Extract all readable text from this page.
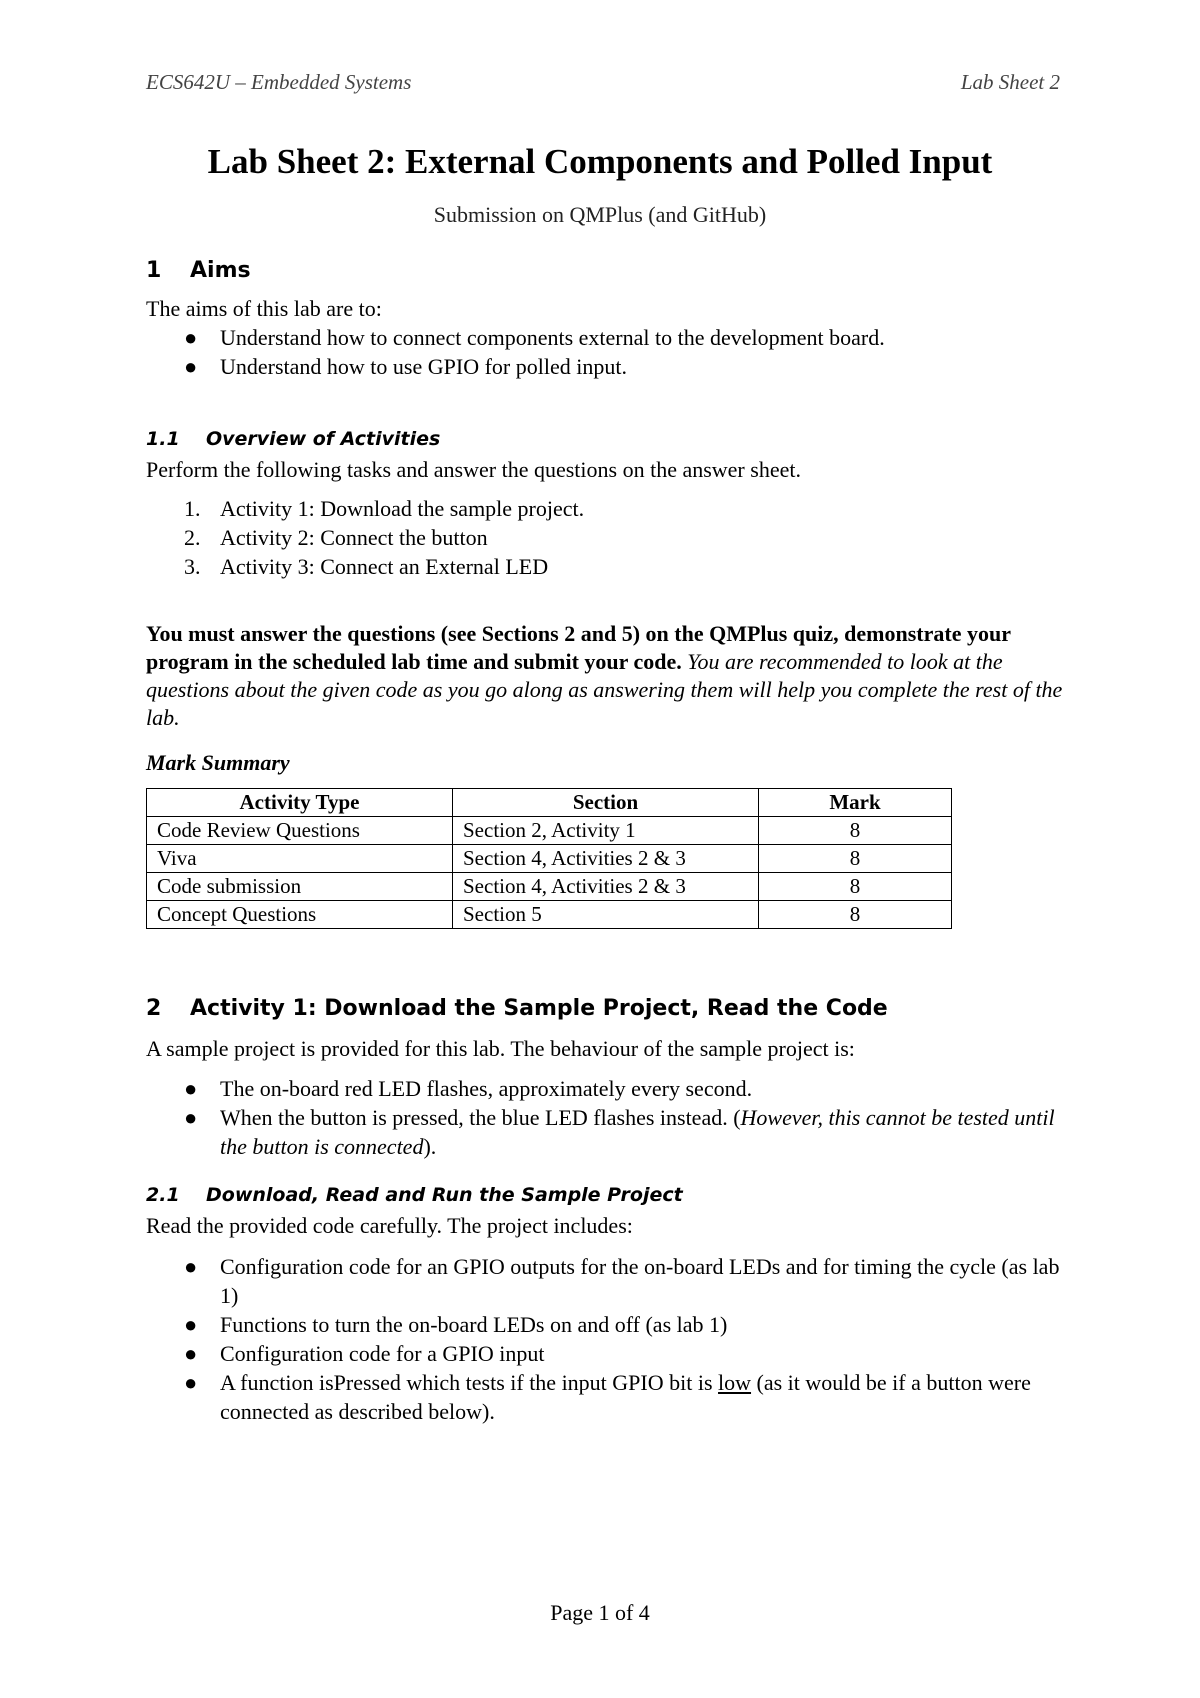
ECS642U – Embedded Systems	Lab Sheet 2
Lab Sheet 2: External Components and Polled Input
Submission on QMPlus (and GitHub)
1 Aims
The aims of this lab are to:
● Understand how to connect components external to the development board.
● Understand how to use GPIO for polled input.
1.1 Overview of Activities
Perform the following tasks and answer the questions on the answer sheet.
1. Activity 1: Download the sample project.
2. Activity 2: Connect the button
3. Activity 3: Connect an External LED
You must answer the questions (see Sections 2 and 5) on the QMPlus quiz, demonstrate your program in the scheduled lab time and submit your code. You are recommended to look at the questions about the given code as you go along as answering them will help you complete the rest of the lab.
Mark Summary
Activity Type	Section	Mark
Code Review Questions	Section 2, Activity 1	8
Viva	Section 4, Activities 2 & 3	8
Code submission	Section 4, Activities 2 & 3	8
Concept Questions	Section 5	8
2 Activity 1: Download the Sample Project, Read the Code
A sample project is provided for this lab. The behaviour of the sample project is:
● The on-board red LED flashes, approximately every second.
● When the button is pressed, the blue LED flashes instead. (However, this cannot be tested until the button is connected).
2.1 Download, Read and Run the Sample Project
Read the provided code carefully. The project includes:
● Configuration code for an GPIO outputs for the on-board LEDs and for timing the cycle (as lab 1)
● Functions to turn the on-board LEDs on and off (as lab 1)
● Configuration code for a GPIO input
● A function isPressed which tests if the input GPIO bit is low (as it would be if a button were connected as described below).
Page 1 of 4
